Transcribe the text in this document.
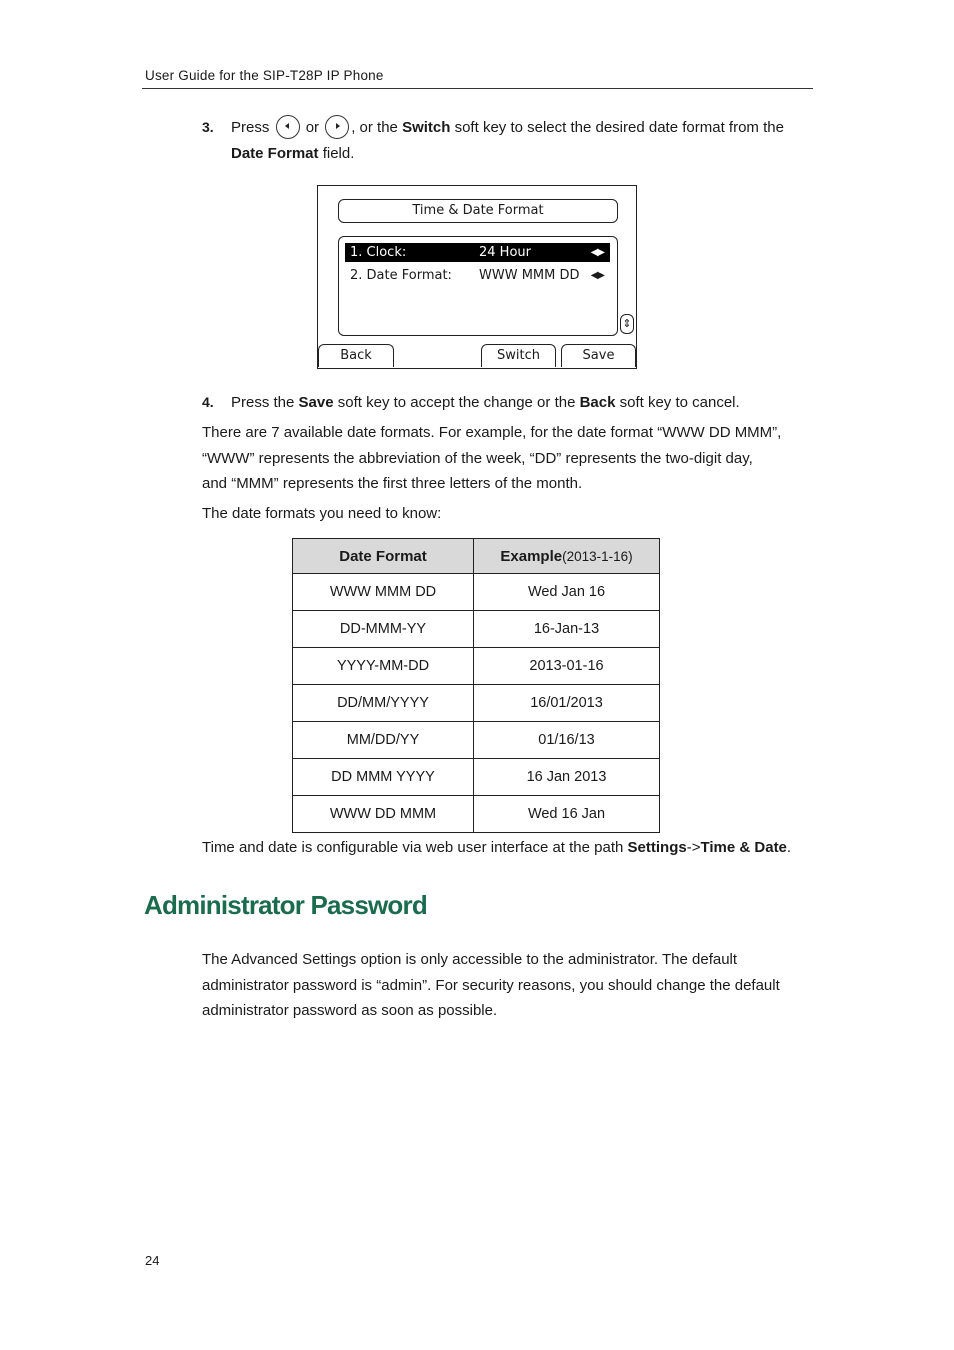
User Guide for the SIP-T28P IP Phone
3. Press or , or the Switch soft key to select the desired date format from the
Date Format field.
Time & Date Format
1. Clock:	24 Hour	◀▶
2. Date Format: WWW MMM DD ◀▶
⇕
Back	Switch	Save
4. Press the Save soft key to accept the change or the Back soft key to cancel.
There are 7 available date formats. For example, for the date format “WWW DD MMM”,
“WWW” represents the abbreviation of the week, “DD” represents the two-digit day,
and “MMM” represents the first three letters of the month.
The date formats you need to know:
Date Format	Example(2013-1-16)
WWW MMM DD	Wed Jan 16
DD-MMM-YY	16-Jan-13
YYYY-MM-DD	2013-01-16
DD/MM/YYYY	16/01/2013
MM/DD/YY	01/16/13
DD MMM YYYY	16 Jan 2013
WWW DD MMM	Wed 16 Jan
Time and date is configurable via web user interface at the path Settings->Time & Date.
Administrator Password
The Advanced Settings option is only accessible to the administrator. The default
administrator password is “admin”. For security reasons, you should change the default
administrator password as soon as possible.
24
